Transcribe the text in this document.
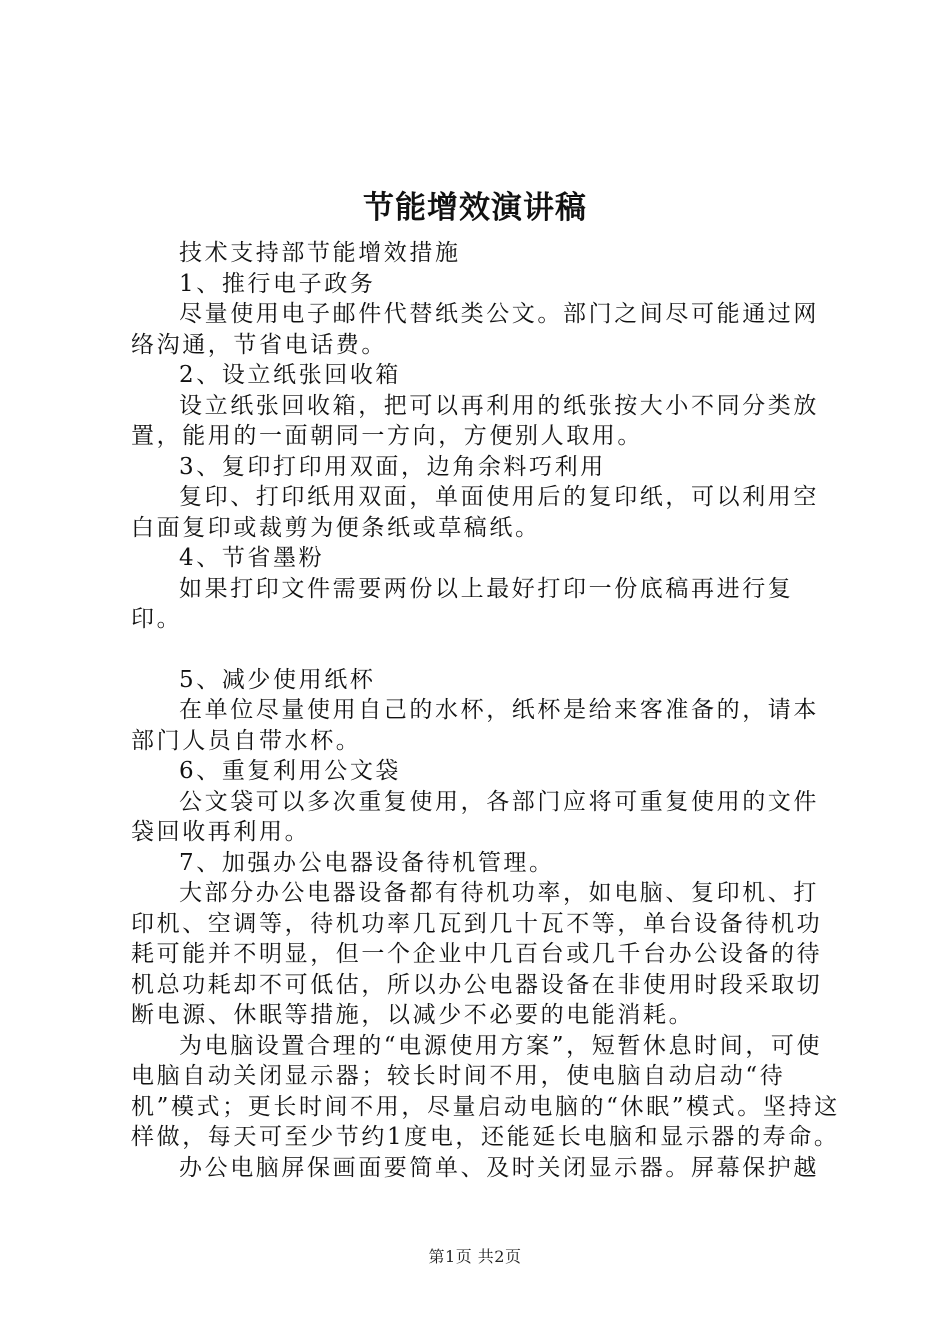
节能增效演讲稿

技术支持部节能增效措施

1、推行电子政务

尽量使用电子邮件代替纸类公文。部门之间尽可能通过网络沟通，节省电话费。

2、设立纸张回收箱

设立纸张回收箱，把可以再利用的纸张按大小不同分类放置，能用的一面朝同一方向，方便别人取用。

3、复印打印用双面，边角余料巧利用

复印、打印纸用双面，单面使用后的复印纸，可以利用空白面复印或裁剪为便条纸或草稿纸。

4、节省墨粉

如果打印文件需要两份以上最好打印一份底稿再进行复印。

5、减少使用纸杯

在单位尽量使用自己的水杯，纸杯是给来客准备的，请本部门人员自带水杯。

6、重复利用公文袋

公文袋可以多次重复使用，各部门应将可重复使用的文件袋回收再利用。

7、加强办公电器设备待机管理。

大部分办公电器设备都有待机功率，如电脑、复印机、打印机、空调等，待机功率几瓦到几十瓦不等，单台设备待机功耗可能并不明显，但一个企业中几百台或几千台办公设备的待机总功耗却不可低估，所以办公电器设备在非使用时段采取切断电源、休眠等措施，以减少不必要的电能消耗。

为电脑设置合理的“电源使用方案”，短暂休息时间，可使电脑自动关闭显示器；较长时间不用，使电脑自动启动“待机”模式；更长时间不用，尽量启动电脑的“休眠”模式。坚持这样做，每天可至少节约1度电，还能延长电脑和显示器的寿命。

办公电脑屏保画面要简单、及时关闭显示器。屏幕保护越

第1页 共2页
